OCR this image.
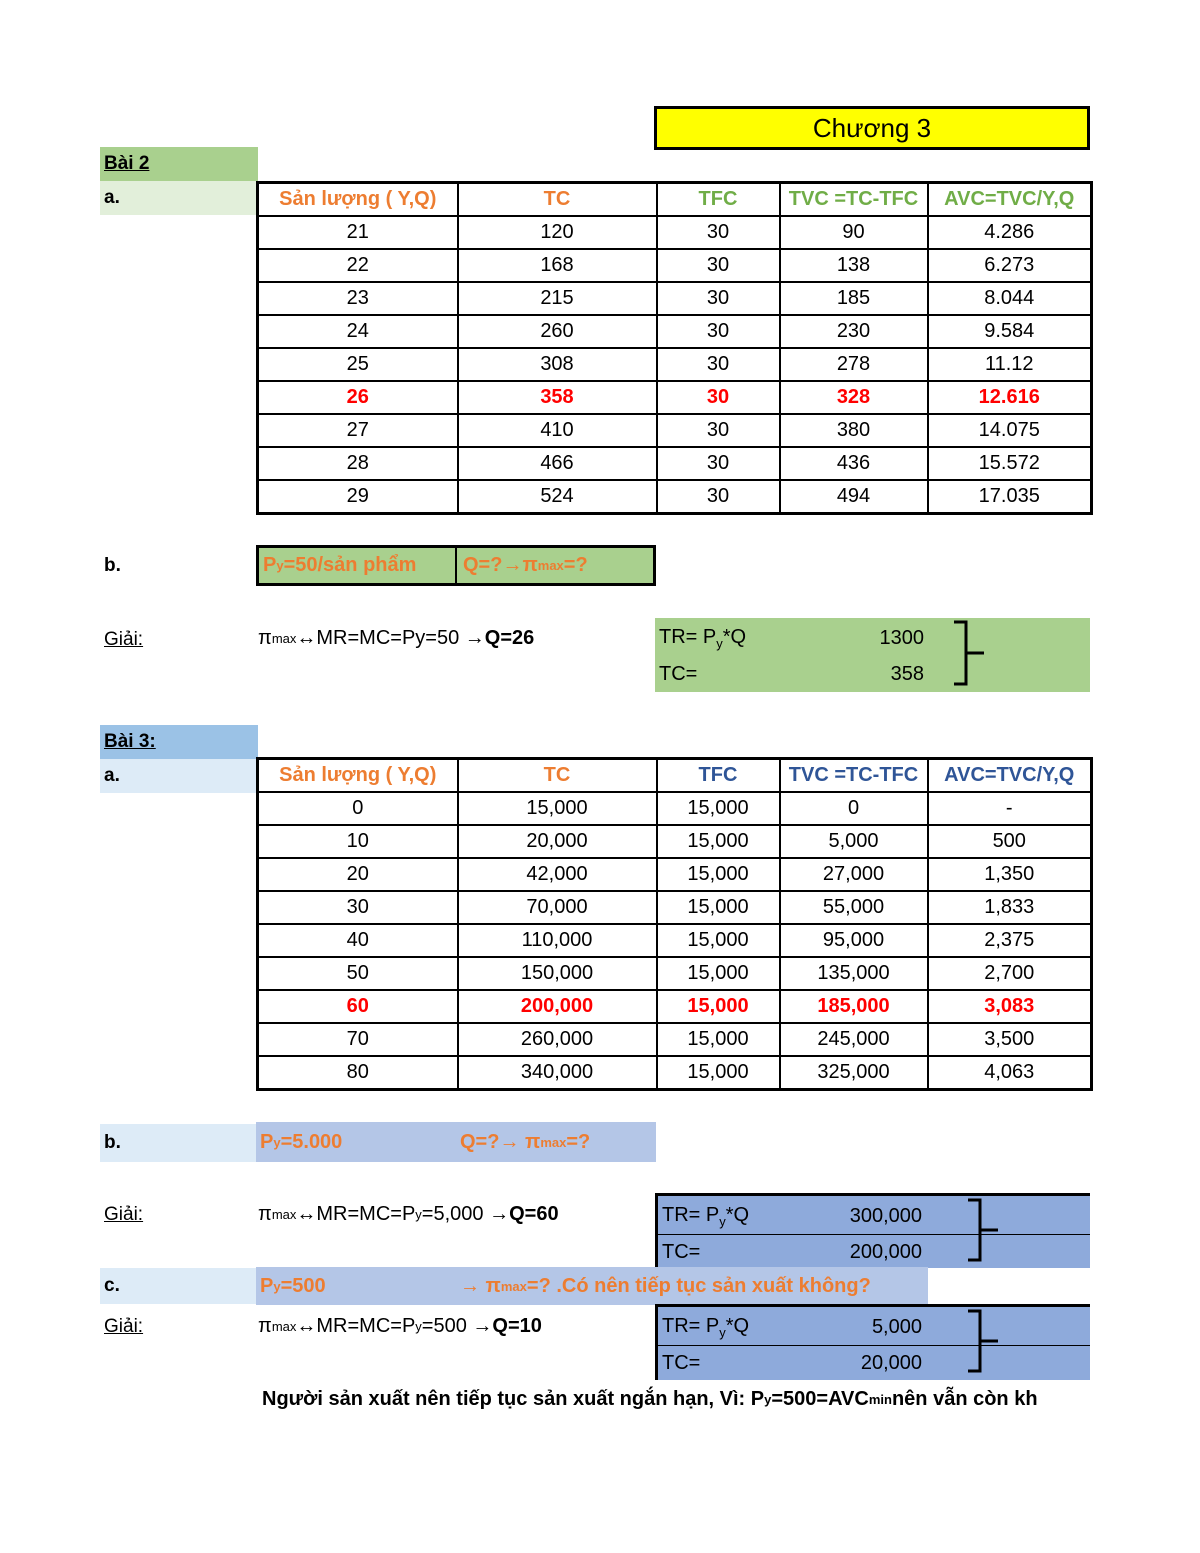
Chương 3
Bài 2
a.	Sản lượng ( Y,Q)	TC	TFC	TVC =TC-TFC	AVC=TVC/Y,Q
21	120	30	90	4.286
22	168	30	138	6.273
23	215	30	185	8.044
24	260	30	230	9.584
25	308	30	278	11.12
26	358	30	328	12.616
27	410	30	380	14.075
28	466	30	436	15.572
29	524	30	494	17.035
b.	P y =50/sản phẩm Q=?→π max =?
Giải:	π max ↔MR=MC=Py=50 → Q=26	$TR= P_y*Q$	1300
TC=	358
Bài 3:
a.	Sản lượng ( Y,Q)	TC	TFC	TVC =TC-TFC	AVC=TVC/Y,Q
0	15,000	15,000	0	-
10	20,000	15,000	5,000	500
20	42,000	15,000	27,000	1,350
30	70,000	15,000	55,000	1,833
40	110,000	15,000	95,000	2,375
50	150,000	15,000	135,000	2,700
60	200,000	15,000	185,000	3,083
70	260,000	15,000	245,000	3,500
80	340,000	15,000	325,000	4,063
b.	P y =5.000	Q=?→ π max =?
Giải:	π max ↔MR=MC=P y =5,000 → Q=60	$TR= P_y*Q$	300,000
TC=	200,000
c.	P y =500	→ π max =? .Có nên tiếp tục sản xuất không?
Giải:	π max ↔MR=MC=P y =500 → Q=10	$TR= P_y*Q$	5,000
TC=	20,000
Người sản xuất nên tiếp tục sản xuất ngắn hạn, Vì: P y =500=AVC min nên vẫn còn kh
